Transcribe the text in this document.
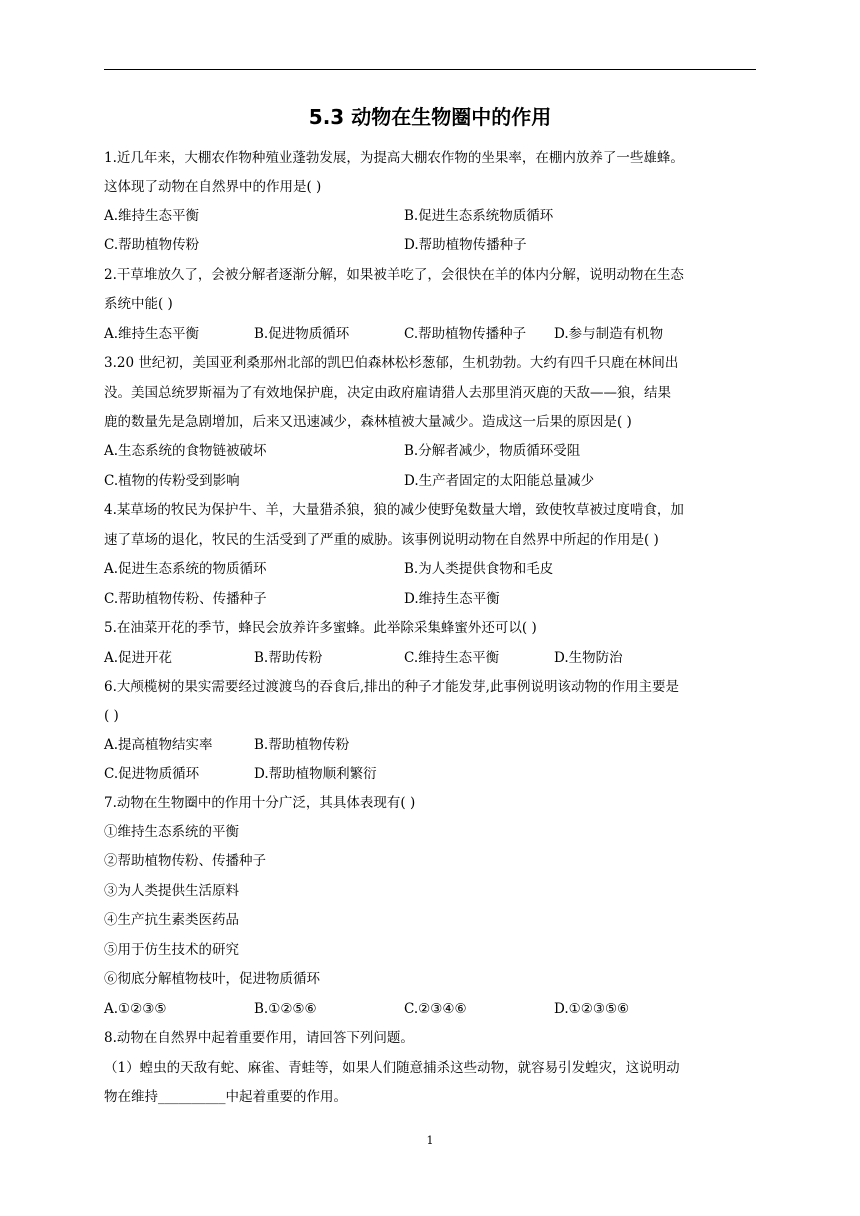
5.3 动物在生物圈中的作用
1.近几年来，大棚农作物种殖业蓬勃发展，为提高大棚农作物的坐果率，在棚内放养了一些雄蜂。
这体现了动物在自然界中的作用是( )
A.维持生态平衡	B.促进生态系统物质循环
C.帮助植物传粉	D.帮助植物传播种子
2.干草堆放久了，会被分解者逐渐分解，如果被羊吃了，会很快在羊的体内分解，说明动物在生态
系统中能( )
A.维持生态平衡	B.促进物质循环	C.帮助植物传播种子 D.参与制造有机物
3.20 世纪初，美国亚利桑那州北部的凯巴伯森林松杉葱郁，生机勃勃。大约有四千只鹿在林间出
没。美国总统罗斯福为了有效地保护鹿，决定由政府雇请猎人去那里消灭鹿的天敌——狼，结果
鹿的数量先是急剧增加，后来又迅速减少，森林植被大量减少。造成这一后果的原因是( )
A.生态系统的食物链被破坏	B.分解者减少，物质循环受阻
C.植物的传粉受到影响	D.生产者固定的太阳能总量减少
4.某草场的牧民为保护牛、羊，大量猎杀狼，狼的减少使野兔数量大增，致使牧草被过度啃食，加
速了草场的退化，牧民的生活受到了严重的威胁。该事例说明动物在自然界中所起的作用是( )
A.促进生态系统的物质循环	B.为人类提供食物和毛皮
C.帮助植物传粉、传播种子	D.维持生态平衡
5.在油菜开花的季节，蜂民会放养许多蜜蜂。此举除采集蜂蜜外还可以( )
A.促进开花	B.帮助传粉	C.维持生态平衡	D.生物防治
6.大颅榄树的果实需要经过渡渡鸟的吞食后,排出的种子才能发芽,此事例说明该动物的作用主要是
( )
A.提高植物结实率	B.帮助植物传粉
C.促进物质循环	D.帮助植物顺利繁衍
7.动物在生物圈中的作用十分广泛，其具体表现有( )
①维持生态系统的平衡
②帮助植物传粉、传播种子
③为人类提供生活原料
④生产抗生素类医药品
⑤用于仿生技术的研究
⑥彻底分解植物枝叶，促进物质循环
A.①②③⑤	B.①②⑤⑥	C.②③④⑥	D.①②③⑤⑥
8.动物在自然界中起着重要作用，请回答下列问题。
（1）蝗虫的天敌有蛇、麻雀、青蛙等，如果人们随意捕杀这些动物，就容易引发蝗灾，这说明动
物在维持__________中起着重要的作用。
1
